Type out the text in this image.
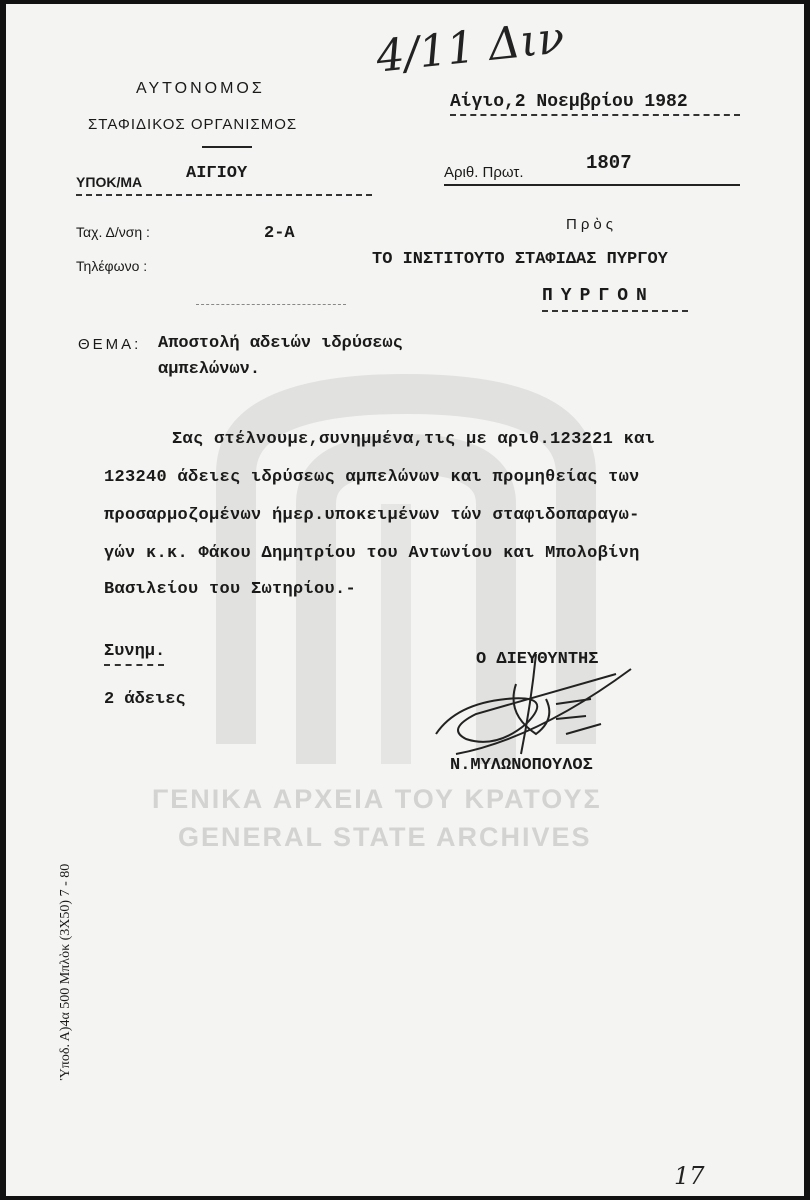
ΓΕΝΙΚΑ ΑΡΧΕΙΑ ΤΟΥ ΚΡΑΤΟΥΣ
GENERAL STATE ARCHIVES
ΑΥΤΟΝΟΜΟΣ
ΣΤΑΦΙΔΙΚΟΣ ΟΡΓΑΝΙΣΜΟΣ
ΥΠΟΚ/ΜΑ	ΑΙΓΙΟΥ
Ταχ. Δ/νση :	2-Α
Τηλέφωνο :
4/11 Διν
Αίγιο,2 Νοεμβρίου 1982
Αριθ. Πρωτ.	1807
Πρὸς
ΤΟ ΙΝΣΤΙΤΟΥΤΟ ΣΤΑΦΙΔΑΣ ΠΥΡΓΟΥ
ΠΥΡΓΟΝ
ΘΕΜΑ: Αποστολή αδειών ιδρύσεως
αμπελώνων.
Σας στέλνουμε,συνημμένα,τις με αριθ.123221 και
123240 άδειες ιδρύσεως αμπελώνων και προμηθείας των
προσαρμοζομένων ήμερ.υποκειμένων τών σταφιδοπαραγω-
γών κ.κ. Φάκου Δημητρίου του Αντωνίου και Μπολοβίνη
Βασιλείου του Σωτηρίου.-
Συνημ.
2 άδειες
Ο ΔΙΕΥΘΥΝΤΗΣ
Ν.ΜΥΛΩΝΟΠΟΥΛΟΣ
Ὑποδ. Α)4α 500 Μπλὸκ (3Χ50) 7 - 80
17
